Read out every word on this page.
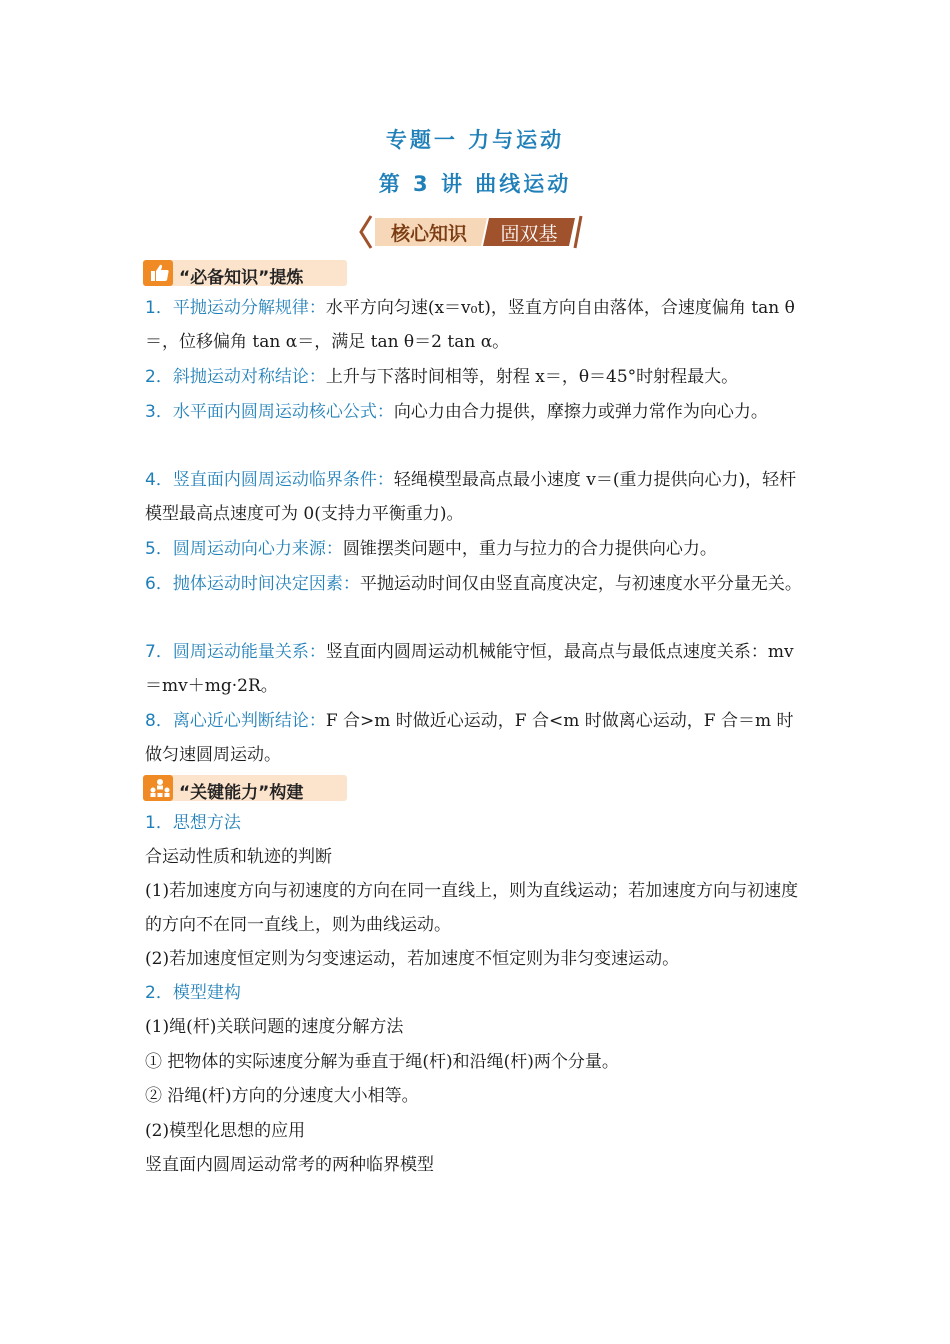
专题一 力与运动
第 3 讲 曲线运动
核心知识 固双基
“必备知识”提炼
1．平抛运动分解规律：水平方向匀速(x＝v₀t)，竖直方向自由落体，合速度偏角 tan θ＝，位移偏角 tan α＝，满足 tan θ＝2 tan α。
2．斜抛运动对称结论：上升与下落时间相等，射程 x＝，θ＝45°时射程最大。
3．水平面内圆周运动核心公式：向心力由合力提供，摩擦力或弹力常作为向心力。
4．竖直面内圆周运动临界条件：轻绳模型最高点最小速度 v＝(重力提供向心力)，轻杆模型最高点速度可为 0(支持力平衡重力)。
5．圆周运动向心力来源：圆锥摆类问题中，重力与拉力的合力提供向心力。
6．抛体运动时间决定因素：平抛运动时间仅由竖直高度决定，与初速度水平分量无关。
7．圆周运动能量关系：竖直面内圆周运动机械能守恒，最高点与最低点速度关系：mv＝mv＋mg·2R。
8．离心近心判断结论：F 合>m 时做近心运动，F 合<m 时做离心运动，F 合＝m 时做匀速圆周运动。
“关键能力”构建
1．思想方法
合运动性质和轨迹的判断
(1)若加速度方向与初速度的方向在同一直线上，则为直线运动；若加速度方向与初速度的方向不在同一直线上，则为曲线运动。
(2)若加速度恒定则为匀变速运动，若加速度不恒定则为非匀变速运动。
2．模型建构
(1)绳(杆)关联问题的速度分解方法
① 把物体的实际速度分解为垂直于绳(杆)和沿绳(杆)两个分量。
② 沿绳(杆)方向的分速度大小相等。
(2)模型化思想的应用
竖直面内圆周运动常考的两种临界模型
